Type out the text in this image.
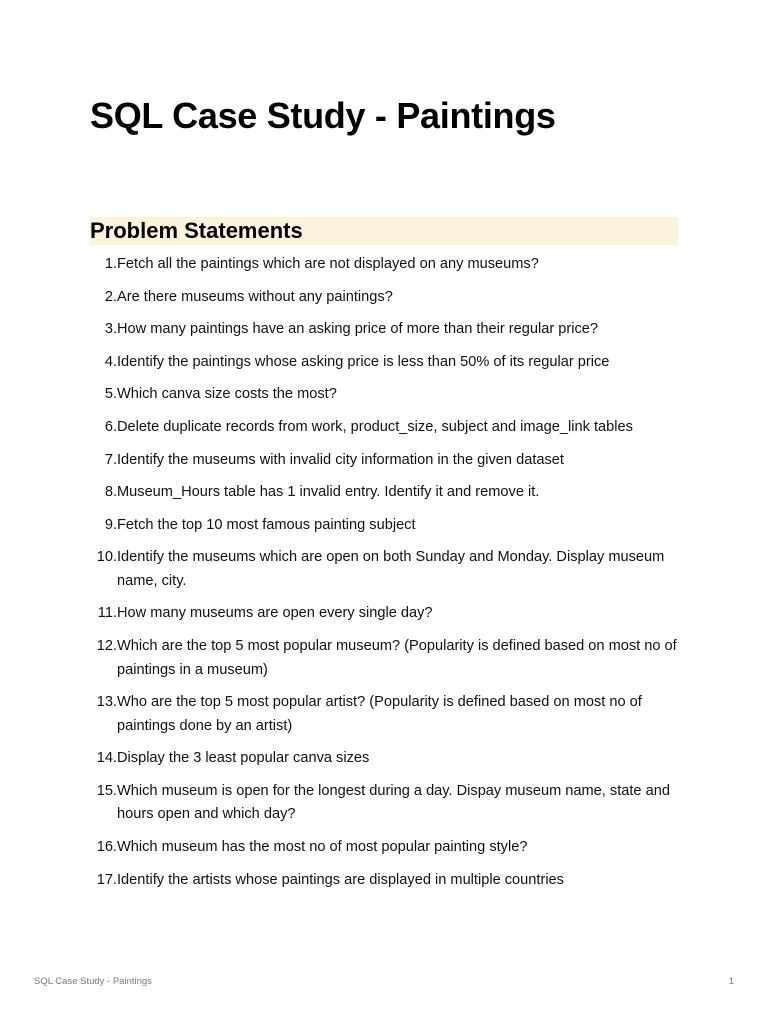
SQL Case Study - Paintings
Problem Statements
1. Fetch all the paintings which are not displayed on any museums?
2. Are there museums without any paintings?
3. How many paintings have an asking price of more than their regular price?
4. Identify the paintings whose asking price is less than 50% of its regular price
5. Which canva size costs the most?
6. Delete duplicate records from work, product_size, subject and image_link tables
7. Identify the museums with invalid city information in the given dataset
8. Museum_Hours table has 1 invalid entry. Identify it and remove it.
9. Fetch the top 10 most famous painting subject
10. Identify the museums which are open on both Sunday and Monday. Display museum name, city.
11. How many museums are open every single day?
12. Which are the top 5 most popular museum? (Popularity is defined based on most no of paintings in a museum)
13. Who are the top 5 most popular artist? (Popularity is defined based on most no of paintings done by an artist)
14. Display the 3 least popular canva sizes
15. Which museum is open for the longest during a day. Dispay museum name, state and hours open and which day?
16. Which museum has the most no of most popular painting style?
17. Identify the artists whose paintings are displayed in multiple countries
SQL Case Study - Paintings	1
